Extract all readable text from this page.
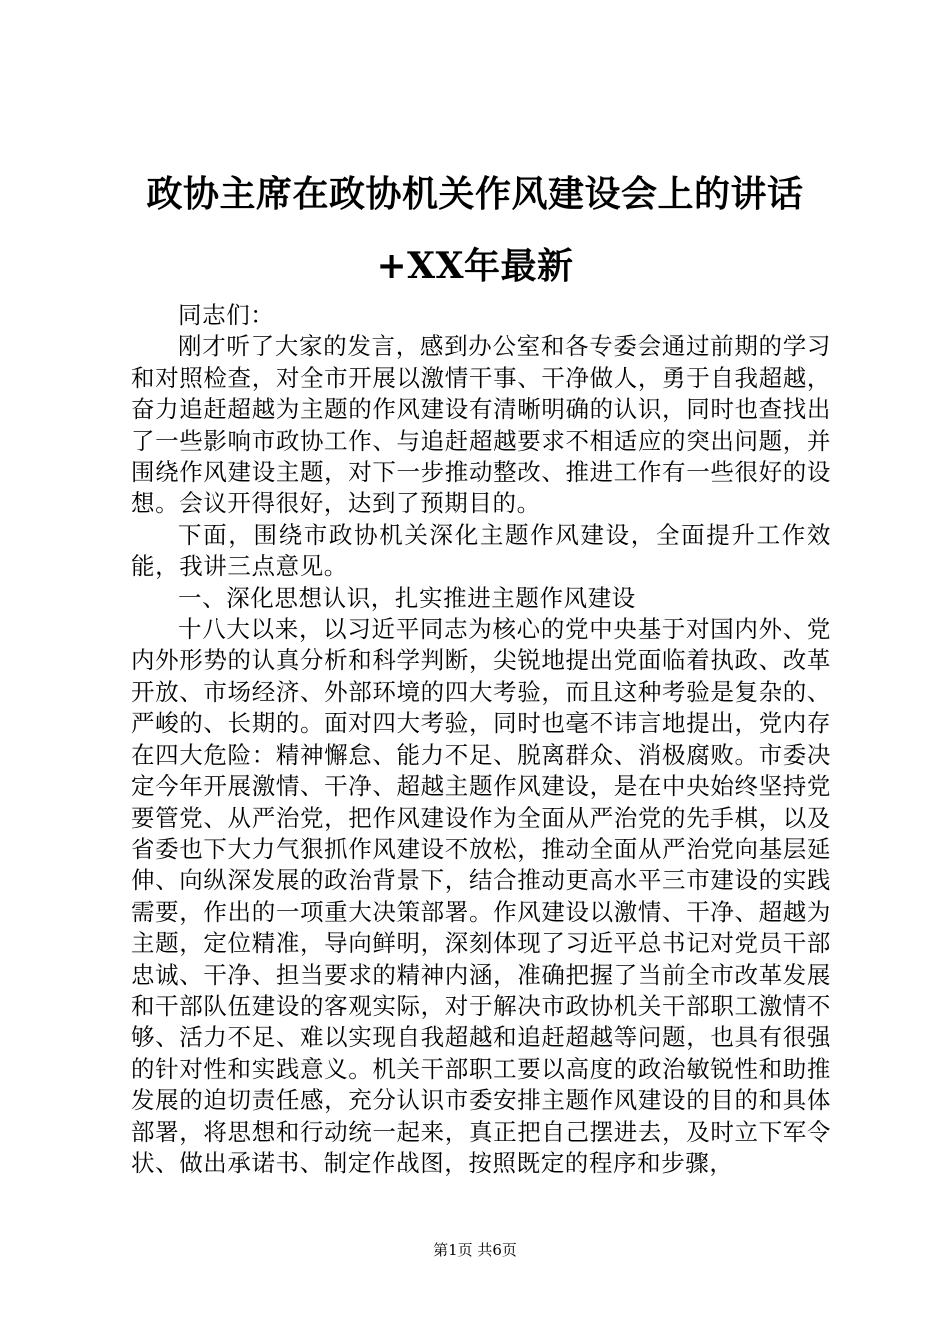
政协主席在政协机关作风建设会上的讲话+XX年最新

同志们：

刚才听了大家的发言，感到办公室和各专委会通过前期的学习和对照检查，对全市开展以激情干事、干净做人，勇于自我超越，奋力追赶超越为主题的作风建设有清晰明确的认识，同时也查找出了一些影响市政协工作、与追赶超越要求不相适应的突出问题，并围绕作风建设主题，对下一步推动整改、推进工作有一些很好的设想。会议开得很好，达到了预期目的。

下面，围绕市政协机关深化主题作风建设，全面提升工作效能，我讲三点意见。

一、深化思想认识，扎实推进主题作风建设

十八大以来，以习近平同志为核心的党中央基于对国内外、党内外形势的认真分析和科学判断，尖锐地提出党面临着执政、改革开放、市场经济、外部环境的四大考验，而且这种考验是复杂的、严峻的、长期的。面对四大考验，同时也毫不讳言地提出，党内存在四大危险：精神懈怠、能力不足、脱离群众、消极腐败。市委决定今年开展激情、干净、超越主题作风建设，是在中央始终坚持党要管党、从严治党，把作风建设作为全面从严治党的先手棋，以及省委也下大力气狠抓作风建设不放松，推动全面从严治党向基层延伸、向纵深发展的政治背景下，结合推动更高水平三市建设的实践需要，作出的一项重大决策部署。作风建设以激情、干净、超越为主题，定位精准，导向鲜明，深刻体现了习近平总书记对党员干部忠诚、干净、担当要求的精神内涵，准确把握了当前全市改革发展和干部队伍建设的客观实际，对于解决市政协机关干部职工激情不够、活力不足、难以实现自我超越和追赶超越等问题，也具有很强的针对性和实践意义。机关干部职工要以高度的政治敏锐性和助推发展的迫切责任感，充分认识市委安排主题作风建设的目的和具体部署，将思想和行动统一起来，真正把自己摆进去，及时立下军令状、做出承诺书、制定作战图，按照既定的程序和步骤，

第1页 共6页
